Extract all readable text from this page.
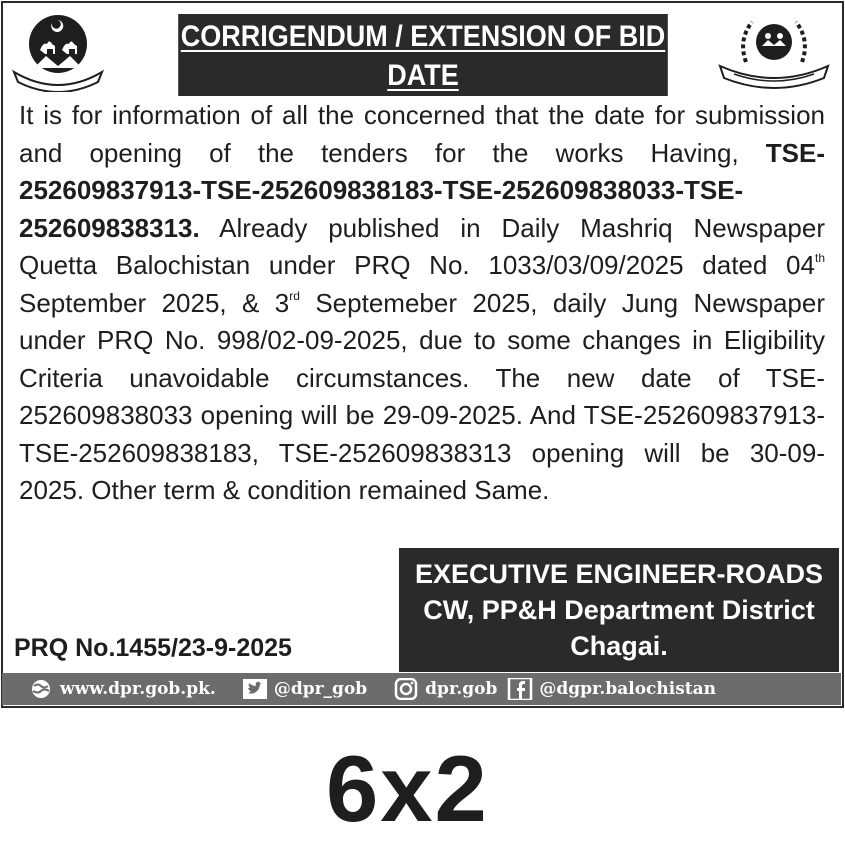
CORRIGENDUM / EXTENSION OF BID
DATE
It is for information of all the concerned that the date for submission and opening of the tenders for the works Having, TSE-252609837913-TSE-252609838183-TSE-252609838033-TSE-252609838313. Already published in Daily Mashriq Newspaper Quetta Balochistan under PRQ No. 1033/03/09/2025 dated 04th September 2025, & 3rd Septemeber 2025, daily Jung Newspaper under PRQ No. 998/02-09-2025, due to some changes in Eligibility Criteria unavoidable circumstances. The new date of TSE-252609838033 opening will be 29-09-2025. And TSE-252609837913-TSE-252609838183, TSE-252609838313 opening will be 30-09-2025. Other term & condition remained Same.
EXECUTIVE ENGINEER-ROADS
CW, PP&H Department District
Chagai.
PRQ No.1455/23-9-2025
www.dpr.gob.pk.	@dpr_gob	dpr.gob @dgpr.balochistan
6x2
